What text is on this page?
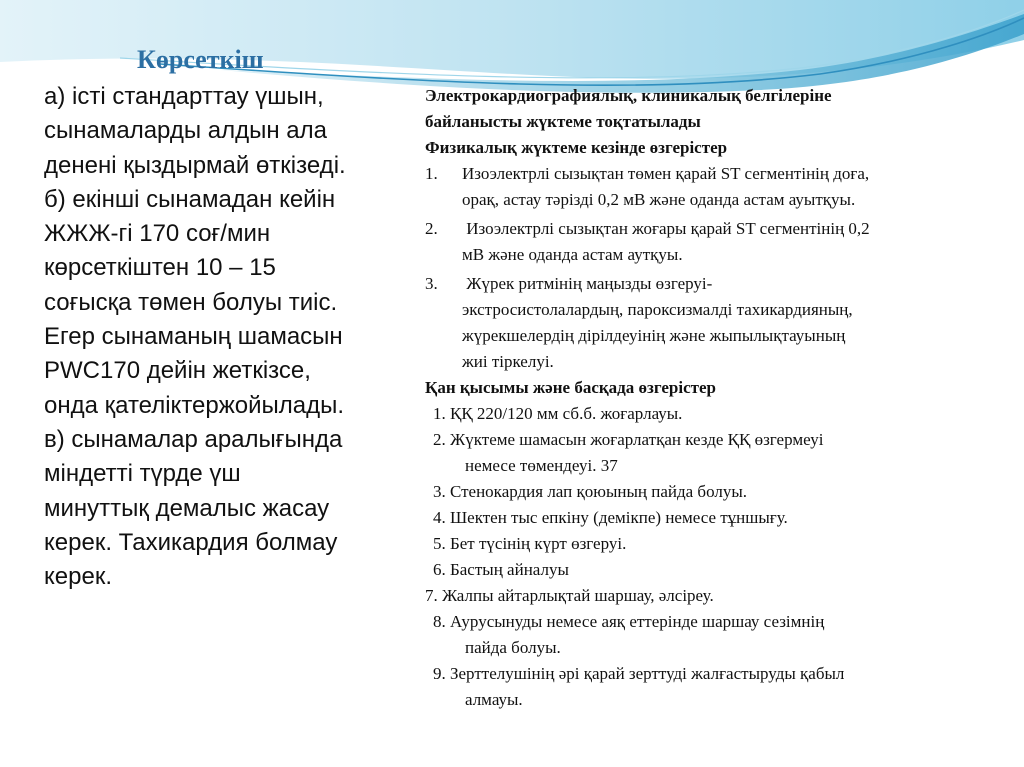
Көрсеткіш
а) істі стандарттау үшын,
сынамаларды алдын ала
денені қыздырмай өткізеді.
б) екінші сынамадан кейін
ЖЖЖ-гі 170 соғ/мин
көрсеткіштен 10 – 15
соғысқа төмен болуы тиіс.
Егер сынаманың шамасын
PWC170 дейін жеткізсе,
онда қателіктержойылады.
в) сынамалар аралығында
міндетті түрде үш
минуттық демалыс жасау
керек. Тахикардия болмау
керек.
Электрокардиографиялық, клиникалық белгілеріне
байланысты жүктеме тоқтатылады
Физикалық жүктеме кезінде өзгерістер
1. Изоэлектрлі сызықтан төмен қарай ST сегментінің доға,
орақ, астау тәрізді 0,2 мВ және оданда астам ауытқуы.
2. Изоэлектрлі сызықтан жоғары қарай ST сегментінің 0,2
мВ және оданда астам аутқуы.
3. Жүрек ритмінің маңызды өзгеруі-
экстросистолалардың, пароксизмалді тахикардияның,
жүрекшелердің дірілдеуінің және жыпылықтауының
жиі тіркелуі.
Қан қысымы және басқада өзгерістер
1. ҚҚ 220/120 мм сб.б. жоғарлауы.
2. Жүктеме шамасын жоғарлатқан кезде ҚҚ өзгермеуі
немесе төмендеуі. 37
3. Стенокардия лап қоюының пайда болуы.
4. Шектен тыс епкіну (демікпе) немесе тұншығу.
5. Бет түсінің күрт өзгеруі.
6. Бастың айналуы
7. Жалпы айтарлықтай шаршау, әлсіреу.
8. Аурусынуды немесе аяқ еттерінде шаршау сезімнің
пайда болуы.
9. Зерттелушінің әрі қарай зерттуді жалғастыруды қабыл
алмауы.
